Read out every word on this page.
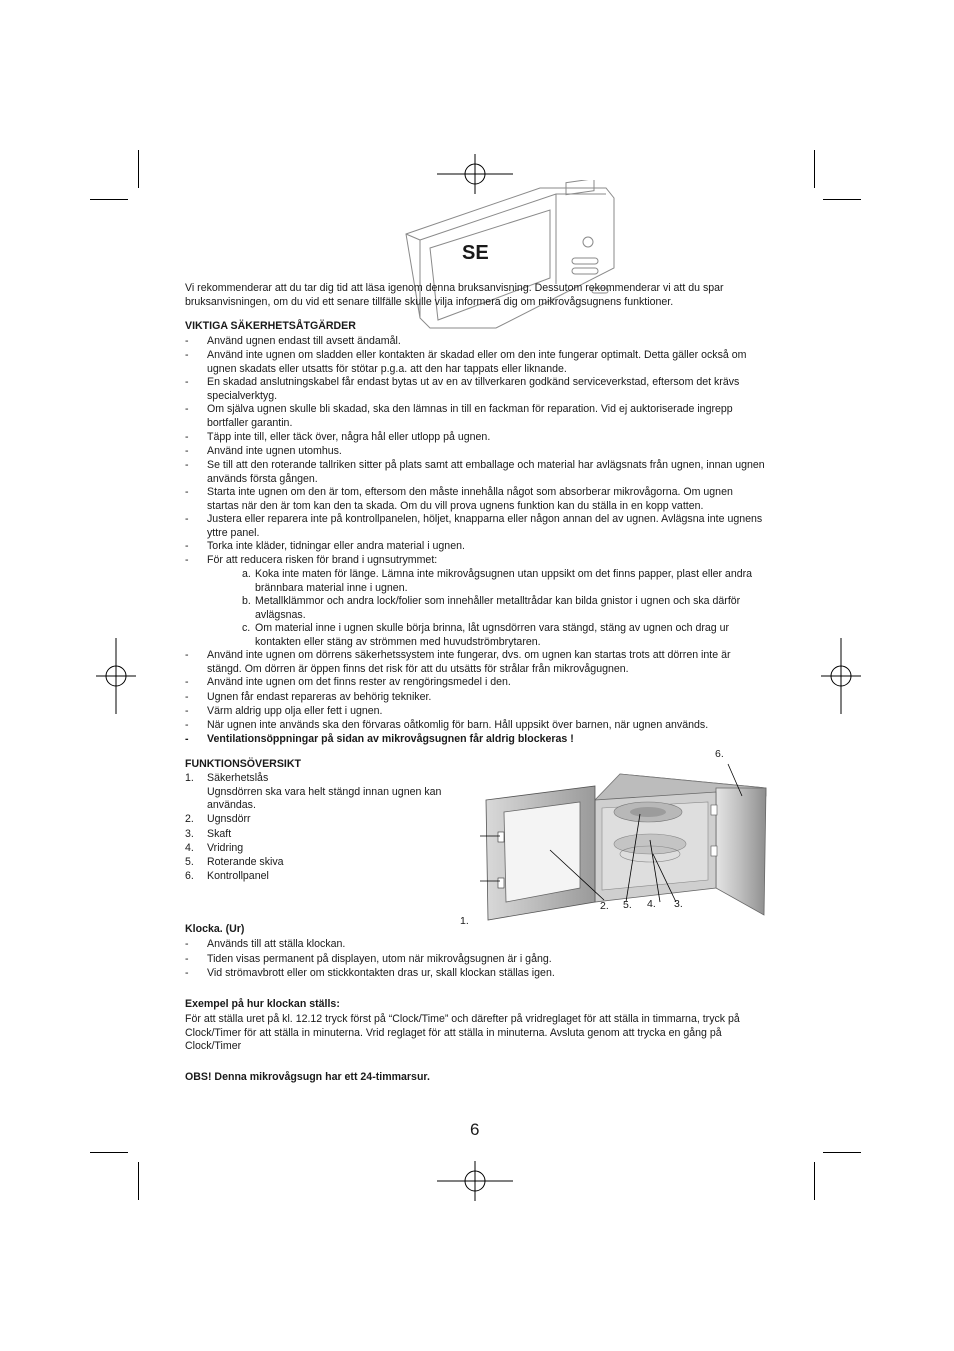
SE
Vi rekommenderar att du tar dig tid att läsa igenom denna bruksanvisning. Dessutom rekommenderar vi att du spar bruksanvisningen, om du vid ett senare tillfälle skulle vilja informera dig om mikrovågsugnens funktioner.
VIKTIGA SÄKERHETSÅTGÄRDER
- Använd ugnen endast till avsett ändamål.
- Använd inte ugnen om sladden eller kontakten är skadad eller om den inte fungerar optimalt. Detta gäller också om ugnen skadats eller utsatts för stötar p.g.a. att den har tappats eller liknande.
- En skadad anslutningskabel får endast bytas ut av en av tillverkaren godkänd serviceverkstad, eftersom det krävs specialverktyg.
- Om själva ugnen skulle bli skadad, ska den lämnas in till en fackman för reparation. Vid ej auktoriserade ingrepp bortfaller garantin.
- Täpp inte till, eller täck över, några hål eller utlopp på ugnen.
- Använd inte ugnen utomhus.
- Se till att den roterande tallriken sitter på plats samt att emballage och material har avlägsnats från ugnen, innan ugnen används första gången.
- Starta inte ugnen om den är tom, eftersom den måste innehålla något som absorberar mikrovågorna. Om ugnen startas när den är tom kan den ta skada. Om du vill prova ugnens funktion kan du ställa in en kopp vatten.
- Justera eller reparera inte på kontrollpanelen, höljet, knapparna eller någon annan del av ugnen. Avlägsna inte ugnens yttre panel.
- Torka inte kläder, tidningar eller andra material i ugnen.
- För att reducera risken för brand i ugnsutrymmet:
a. Koka inte maten för länge. Lämna inte mikrovågsugnen utan uppsikt om det finns papper, plast eller andra brännbara material inne i ugnen.
b. Metallklämmor och andra lock/folier som innehåller metalltrådar kan bilda gnistor i ugnen och ska därför avlägsnas.
c. Om material inne i ugnen skulle börja brinna, låt ugnsdörren vara stängd, stäng av ugnen och drag ur kontakten eller stäng av strömmen med huvudströmbrytaren.
- Använd inte ugnen om dörrens säkerhetssystem inte fungerar, dvs. om ugnen kan startas trots att dörren inte är stängd. Om dörren är öppen finns det risk för att du utsätts för strålar från mikrovågugnen.
- Använd inte ugnen om det finns rester av rengöringsmedel i den.
- Ugnen får endast repareras av behörig tekniker.
- Värm aldrig upp olja eller fett i ugnen.
- När ugnen inte används ska den förvaras oåtkomlig för barn. Håll uppsikt över barnen, när ugnen används.
- Ventilationsöppningar på sidan av mikrovågsugnen får aldrig blockeras !
FUNKTIONSÖVERSIKT
1. Säkerhetslås
Ugnsdörren ska vara helt stängd innan ugnen kan användas.
2. Ugnsdörr
3. Skaft
4. Vridring
5. Roterande skiva
6. Kontrollpanel
1.
2. 5. 4. 3.
6.
Klocka. (Ur)
- Används till att ställa klockan.
- Tiden visas permanent på displayen, utom när mikrovågsugnen är i gång.
- Vid strömavbrott eller om stickkontakten dras ur, skall klockan ställas igen.
Exempel på hur klockan ställs:
För att ställa uret på kl. 12.12 tryck först på “Clock/Time” och därefter på vridreglaget för att ställa in timmarna, tryck på Clock/Timer för att ställa in minuterna. Vrid reglaget för att ställa in minuterna. Avsluta genom att trycka en gång på Clock/Timer
OBS! Denna mikrovågsugn har ett 24-timmarsur.
6
